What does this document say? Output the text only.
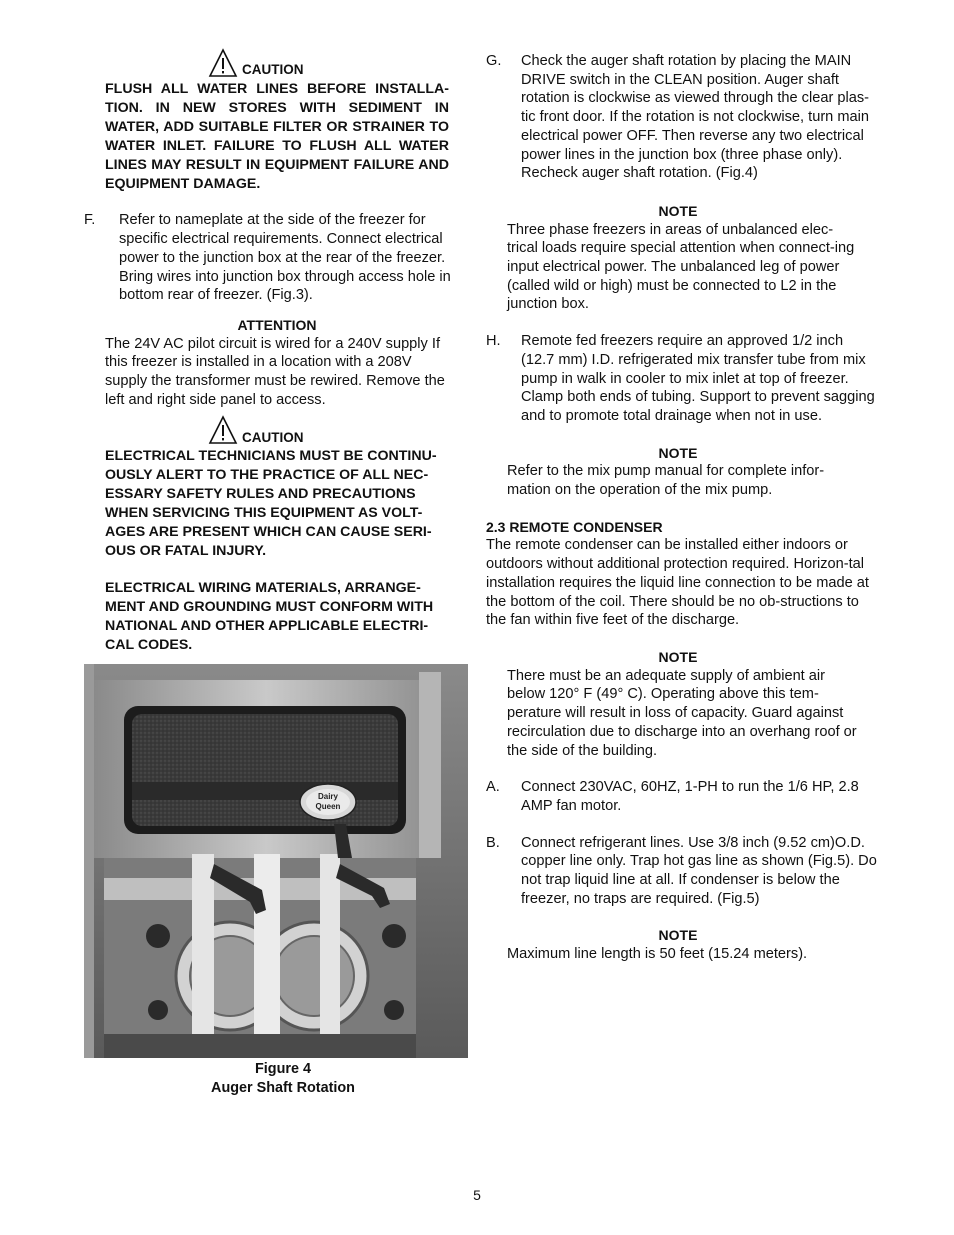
CAUTION
FLUSH ALL WATER LINES BEFORE INSTALLA-TION. IN NEW STORES WITH SEDIMENT IN WATER, ADD SUITABLE FILTER OR STRAINER TO WATER INLET. FAILURE TO FLUSH ALL WATER LINES MAY RESULT IN EQUIPMENT FAILURE AND EQUIPMENT DAMAGE.
F. Refer to nameplate at the side of the freezer for specific electrical requirements. Connect electrical power to the junction box at the rear of the freezer. Bring wires into junction box through access hole in bottom rear of freezer. (Fig.3).
ATTENTION
The 24V AC pilot circuit is wired for a 240V supply If this freezer is installed in a location with a 208V supply the transformer must be rewired. Remove the left and right side panel to access.
CAUTION
ELECTRICAL TECHNICIANS MUST BE CONTINU-OUSLY ALERT TO THE PRACTICE OF ALL NEC-ESSARY SAFETY RULES AND PRECAUTIONS WHEN SERVICING THIS EQUIPMENT AS VOLT-AGES ARE PRESENT WHICH CAN CAUSE SERI-OUS OR FATAL INJURY.
ELECTRICAL WIRING MATERIALS, ARRANGE-MENT AND GROUNDING MUST CONFORM WITH NATIONAL AND OTHER APPLICABLE ELECTRI-CAL CODES.
Dairy
Queen
Figure 4
Auger Shaft Rotation
G. Check the auger shaft rotation by placing the MAIN DRIVE switch in the CLEAN position. Auger shaft rotation is clockwise as viewed through the clear plas-tic front door. If the rotation is not clockwise, turn main electrical power OFF. Then reverse any two electrical power lines in the junction box (three phase only). Recheck auger shaft rotation. (Fig.4)
NOTE
Three phase freezers in areas of unbalanced elec-trical loads require special attention when connect-ing input electrical power. The unbalanced leg of power (called wild or high) must be connected to L2 in the junction box.
H. Remote fed freezers require an approved 1/2 inch (12.7 mm) I.D. refrigerated mix transfer tube from mix pump in walk in cooler to mix inlet at top of freezer. Clamp both ends of tubing. Support to prevent sagging and to promote total drainage when not in use.
NOTE
Refer to the mix pump manual for complete infor-mation on the operation of the mix pump.
2.3 REMOTE CONDENSER
The remote condenser can be installed either indoors or outdoors without additional protection required. Horizon-tal installation requires the liquid line connection to be made at the bottom of the coil. There should be no ob-structions to the fan within five feet of the discharge.
NOTE
There must be an adequate supply of ambient air below 120° F (49° C). Operating above this tem-perature will result in loss of capacity. Guard against recirculation due to discharge into an overhang roof or the side of the building.
A. Connect 230VAC, 60HZ, 1-PH to run the 1/6 HP, 2.8 AMP fan motor.
B. Connect refrigerant lines. Use 3/8 inch (9.52 cm)O.D. copper line only. Trap hot gas line as shown (Fig.5). Do not trap liquid line at all. If condenser is below the freezer, no traps are required. (Fig.5)
NOTE
Maximum line length is 50 feet (15.24 meters).
5
